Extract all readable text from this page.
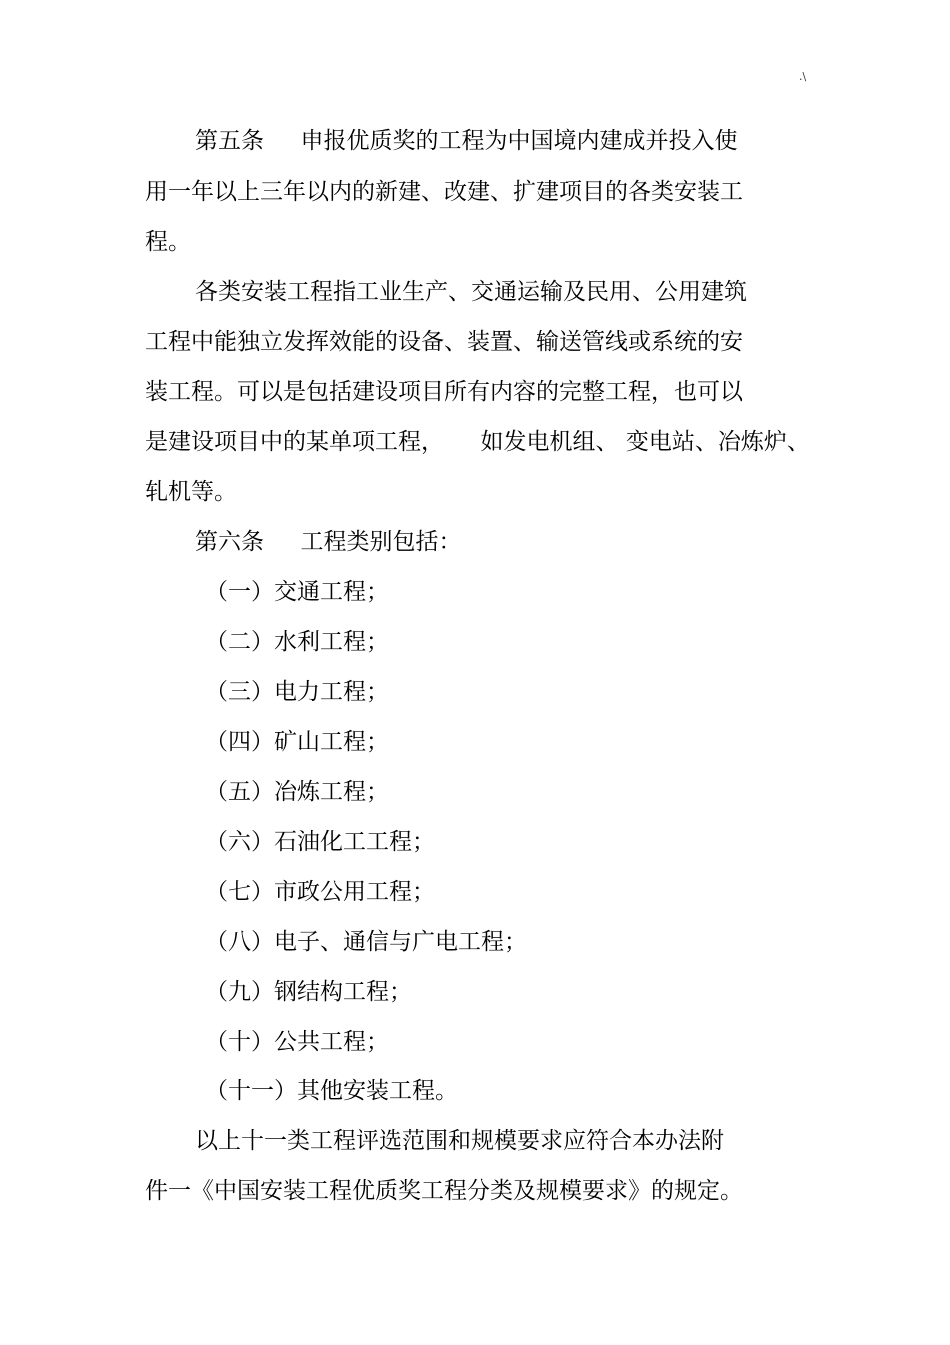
.\
第五条     申报优质奖的工程为中国境内建成并投入使
用一年以上三年以内的新建、改建、扩建项目的各类安装工
程。
各类安装工程指工业生产、交通运输及民用、公用建筑
工程中能独立发挥效能的设备、装置、输送管线或系统的安
装工程。可以是包括建设项目所有内容的完整工程，也可以
是建设项目中的某单项工程，     如发电机组、 变电站、冶炼炉、
轧机等。
第六条     工程类别包括：
（一）交通工程；
（二）水利工程；
（三）电力工程；
（四）矿山工程；
（五）冶炼工程；
（六）石油化工工程；
（七）市政公用工程；
（八）电子、通信与广电工程；
（九）钢结构工程；
（十）公共工程；
（十一）其他安装工程。
以上十一类工程评选范围和规模要求应符合本办法附
件一《中国安装工程优质奖工程分类及规模要求》的规定。
